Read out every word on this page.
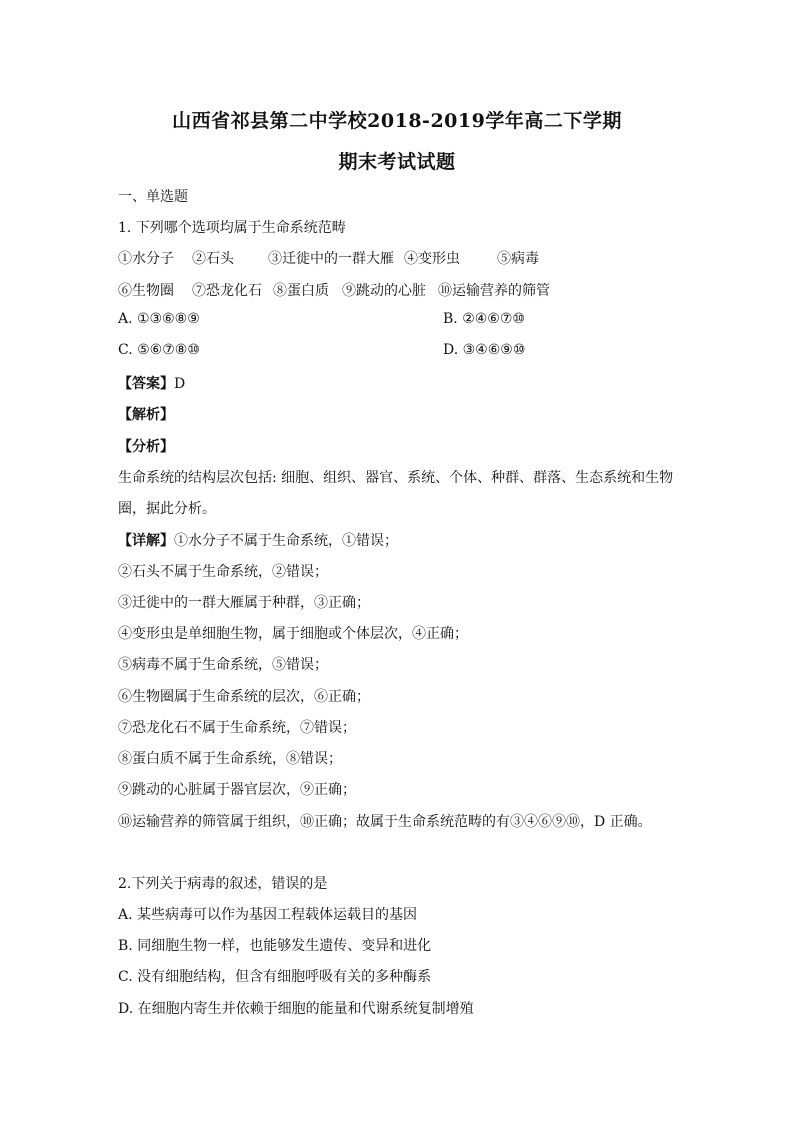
山西省祁县第二中学校2018-2019学年高二下学期
期末考试试题
一、单选题
1. 下列哪个选项均属于生命系统范畴
①水分子 ②石头 ③迁徙中的一群大雁 ④变形虫	⑤病毒
⑥生物圈 ⑦恐龙化石 ⑧蛋白质 ⑨跳动的心脏 ⑩运输营养的筛管
A. ①③⑥⑧⑨	B. ②④⑥⑦⑩
C. ⑤⑥⑦⑧⑩	D. ③④⑥⑨⑩
【答案】D
【解析】
【分析】
生命系统的结构层次包括: 细胞、组织、器官、系统、个体、种群、群落、生态系统和生物
圈，据此分析。
【详解】①水分子不属于生命系统，①错误；
②石头不属于生命系统，②错误；
③迁徙中的一群大雁属于种群，③正确；
④变形虫是单细胞生物，属于细胞或个体层次，④正确；
⑤病毒不属于生命系统，⑤错误；
⑥生物圈属于生命系统的层次，⑥正确；
⑦恐龙化石不属于生命系统，⑦错误；
⑧蛋白质不属于生命系统，⑧错误；
⑨跳动的心脏属于器官层次，⑨正确；
⑩运输营养的筛管属于组织，⑩正确；故属于生命系统范畴的有③④⑥⑨⑩，D 正确。
2.下列关于病毒的叙述，错误的是
A. 某些病毒可以作为基因工程载体运载目的基因
B. 同细胞生物一样，也能够发生遗传、变异和进化
C. 没有细胞结构，但含有细胞呼吸有关的多种酶系
D. 在细胞内寄生并依赖于细胞的能量和代谢系统复制增殖
